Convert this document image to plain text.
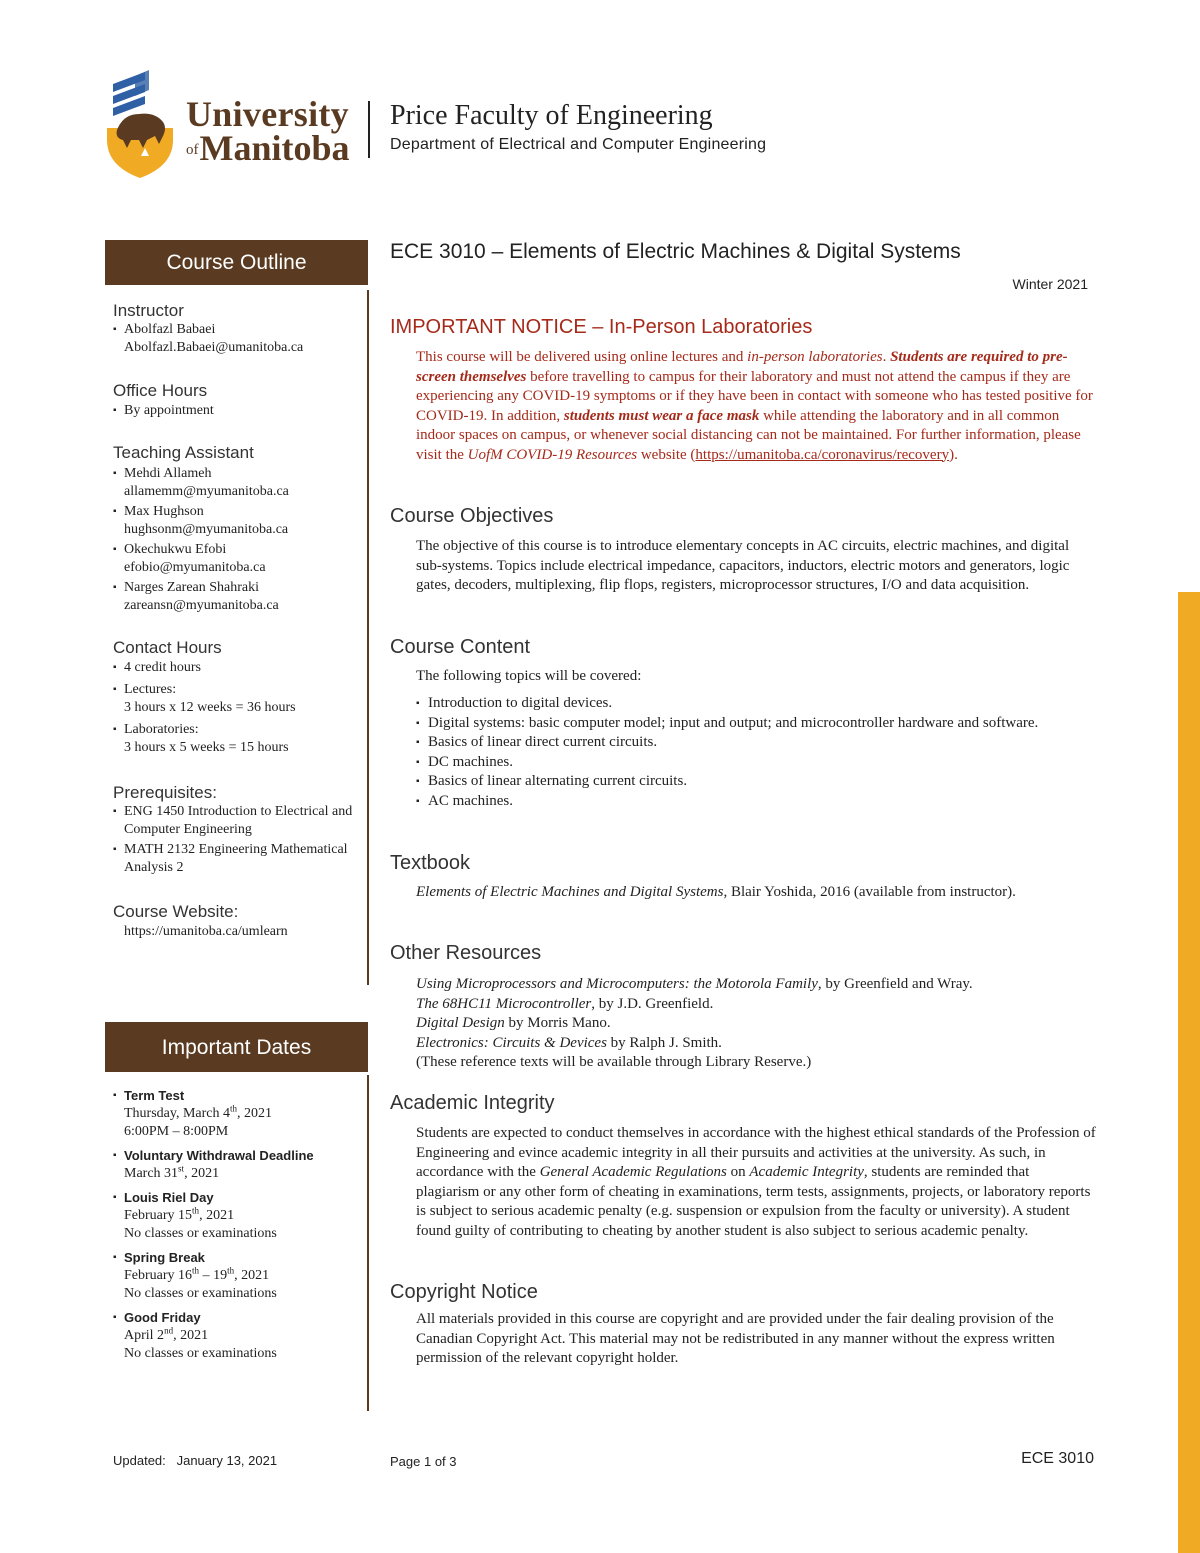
University
ofManitoba
Price Faculty of Engineering
Department of Electrical and Computer Engineering
Course Outline
Instructor
▪ Abolfazl Babaei
Abolfazl.Babaei@umanitoba.ca
Office Hours
▪ By appointment
Teaching Assistant
▪ Mehdi Allameh
allamemm@myumanitoba.ca
▪ Max Hughson
hughsonm@myumanitoba.ca
▪ Okechukwu Efobi
efobio@myumanitoba.ca
▪ Narges Zarean Shahraki
zareansn@myumanitoba.ca
Contact Hours
▪ 4 credit hours
▪ Lectures:
3 hours x 12 weeks = 36 hours
▪ Laboratories:
3 hours x 5 weeks = 15 hours
Prerequisites:
▪ ENG 1450 Introduction to Electrical and Computer Engineering
▪ MATH 2132 Engineering Mathematical Analysis 2
Course Website:
https://umanitoba.ca/umlearn
Important Dates
▪ Term Test
Thursday, March 4th, 2021
6:00PM – 8:00PM
▪ Voluntary Withdrawal Deadline
March 31st, 2021
▪ Louis Riel Day
February 15th, 2021
No classes or examinations
▪ Spring Break
February 16th – 19th, 2021
No classes or examinations
▪ Good Friday
April 2nd, 2021
No classes or examinations
ECE 3010 – Elements of Electric Machines & Digital Systems
Winter 2021
IMPORTANT NOTICE – In-Person Laboratories
This course will be delivered using online lectures and in-person laboratories. Students are required to pre-screen themselves before travelling to campus for their laboratory and must not attend the campus if they are experiencing any COVID-19 symptoms or if they have been in contact with someone who has tested positive for COVID-19. In addition, students must wear a face mask while attending the laboratory and in all common indoor spaces on campus, or whenever social distancing can not be maintained. For further information, please visit the UofM COVID-19 Resources website (https://umanitoba.ca/coronavirus/recovery).
Course Objectives
The objective of this course is to introduce elementary concepts in AC circuits, electric machines, and digital sub-systems. Topics include electrical impedance, capacitors, inductors, electric motors and generators, logic gates, decoders, multiplexing, flip flops, registers, microprocessor structures, I/O and data acquisition.
Course Content
The following topics will be covered:
▪ Introduction to digital devices.
▪ Digital systems: basic computer model; input and output; and microcontroller hardware and software.
▪ Basics of linear direct current circuits.
▪ DC machines.
▪ Basics of linear alternating current circuits.
▪ AC machines.
Textbook
Elements of Electric Machines and Digital Systems, Blair Yoshida, 2016 (available from instructor).
Other Resources
Using Microprocessors and Microcomputers: the Motorola Family, by Greenfield and Wray.
The 68HC11 Microcontroller, by J.D. Greenfield.
Digital Design by Morris Mano.
Electronics: Circuits & Devices by Ralph J. Smith.
(These reference texts will be available through Library Reserve.)
Academic Integrity
Students are expected to conduct themselves in accordance with the highest ethical standards of the Profession of Engineering and evince academic integrity in all their pursuits and activities at the university. As such, in accordance with the General Academic Regulations on Academic Integrity, students are reminded that plagiarism or any other form of cheating in examinations, term tests, assignments, projects, or laboratory reports is subject to serious academic penalty (e.g. suspension or expulsion from the faculty or university). A student found guilty of contributing to cheating by another student is also subject to serious academic penalty.
Copyright Notice
All materials provided in this course are copyright and are provided under the fair dealing provision of the Canadian Copyright Act. This material may not be redistributed in any manner without the express written permission of the relevant copyright holder.
Updated:   January 13, 2021	Page 1 of 3	ECE 3010
